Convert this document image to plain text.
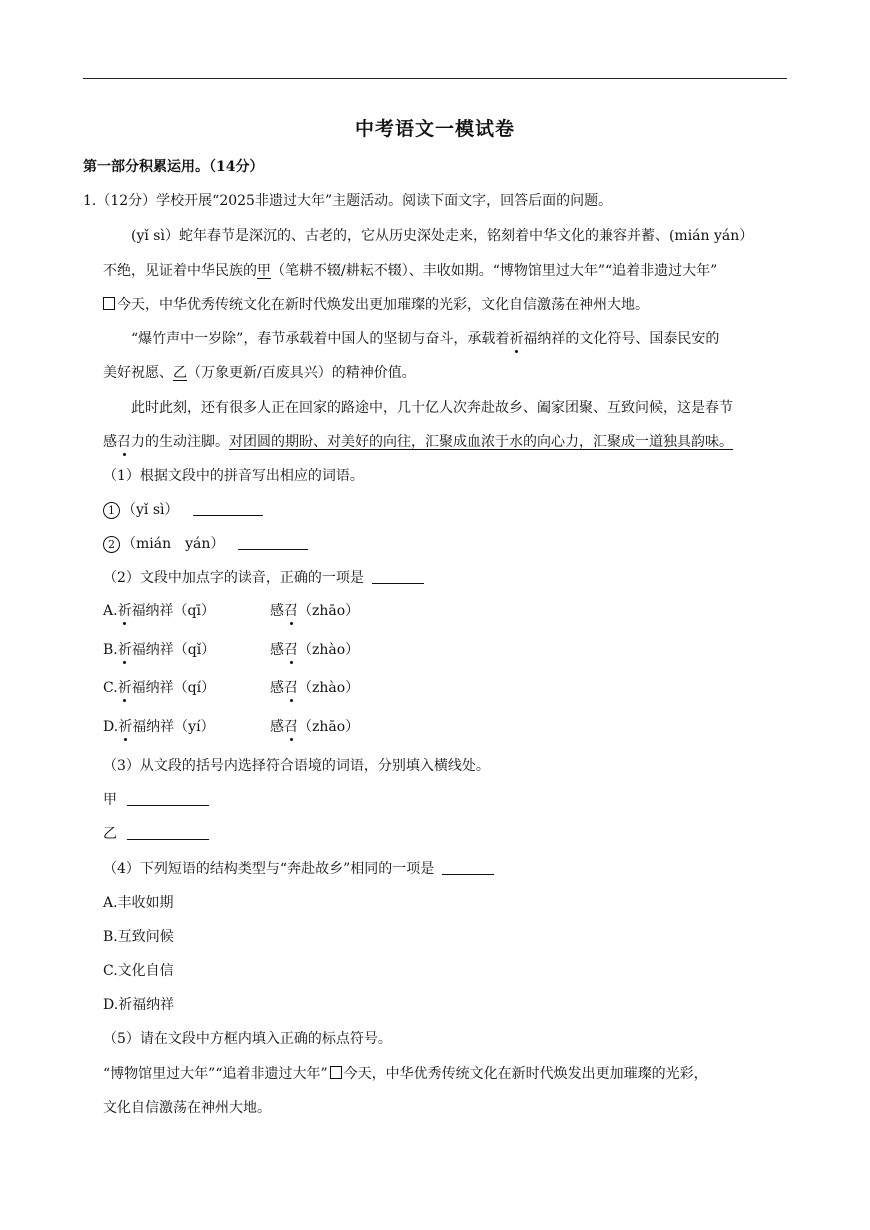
中考语文一模试卷
第一部分积累运用。（14分）
1.（12分）学校开展“2025非遗过大年”主题活动。阅读下面文字，回答后面的问题。
(yǐ sì）蛇年春节是深沉的、古老的，它从历史深处走来，铭刻着中华文化的兼容并蓄、(mián yán）
不绝，见证着中华民族的甲（笔耕不辍/耕耘不辍）、丰收如期。“博物馆里过大年”“追着非遗过大年”
今天，中华优秀传统文化在新时代焕发出更加璀璨的光彩，文化自信激荡在神州大地。
“爆竹声中一岁除”，春节承载着中国人的坚韧与奋斗，承载着祈福纳祥的文化符号、国泰民安的
美好祝愿、乙（万象更新/百废具兴）的精神价值。
此时此刻，还有很多人正在回家的路途中，几十亿人次奔赴故乡、阖家团聚、互致问候，这是春节
感召力的生动注脚。对团圆的期盼、对美好的向往，汇聚成血浓于水的向心力，汇聚成一道独具韵味。
（1）根据文段中的拼音写出相应的词语。
1 （yǐ sì）
2 （mián　yán）
（2）文段中加点字的读音，正确的一项是
A.祈福纳祥（qī）	感召（zhāo）
B.祈福纳祥（qǐ）	感召（zhào）
C.祈福纳祥（qí）	感召（zhào）
D.祈福纳祥（yí）	感召（zhāo）
（3）从文段的括号内选择符合语境的词语，分别填入横线处。
甲
乙
（4）下列短语的结构类型与“奔赴故乡”相同的一项是
A.丰收如期
B.互致问候
C.文化自信
D.祈福纳祥
（5）请在文段中方框内填入正确的标点符号。
“博物馆里过大年”“追着非遗过大年” 今天，中华优秀传统文化在新时代焕发出更加璀璨的光彩，
文化自信激荡在神州大地。
